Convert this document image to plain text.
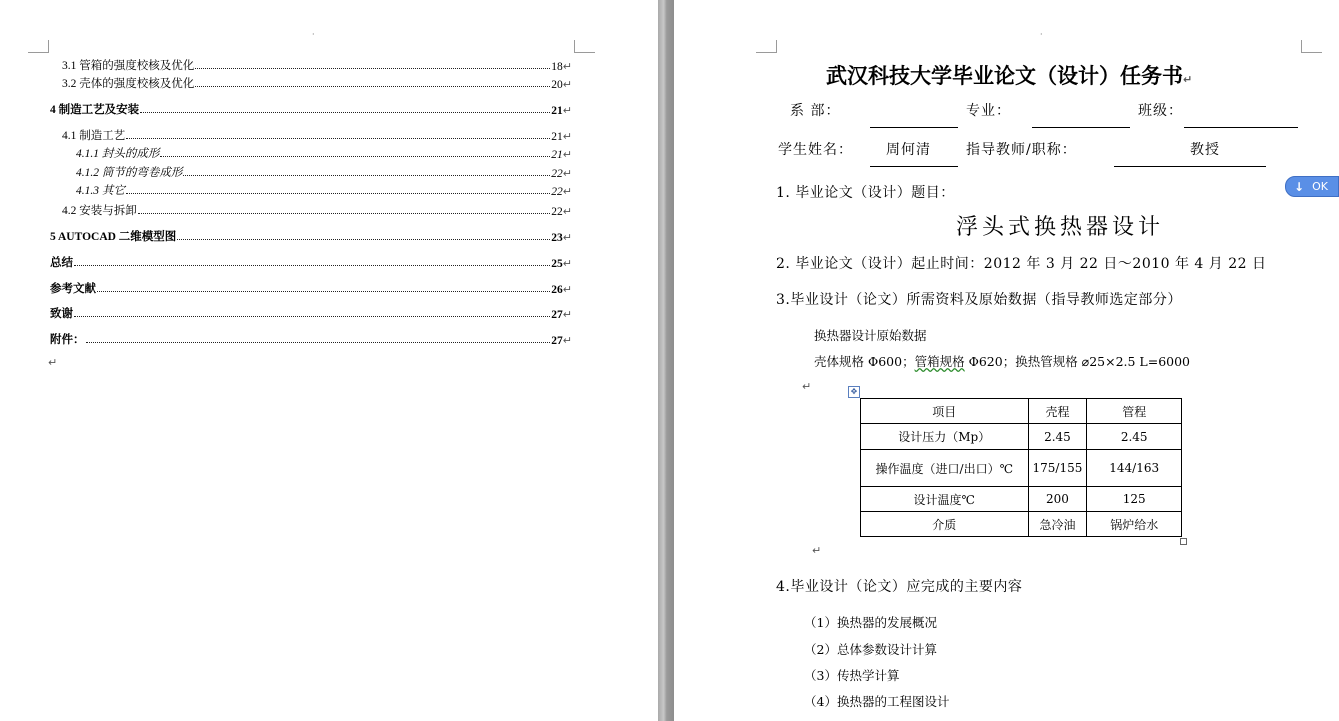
·
3.1 管箱的强度校核及优化	18 ↵
3.2 壳体的强度校核及优化	20 ↵
4 制造工艺及安装	21 ↵
4.1 制造工艺	21 ↵
4.1.1 封头的成形	21 ↵
4.1.2 筒节的弯卷成形	22 ↵
4.1.3 其它	22 ↵
4.2 安装与拆卸	22 ↵
5 AUTOCAD 二维模型图	23 ↵
总结	25 ↵
参考文献	26 ↵
致谢	27 ↵
附件：	27 ↵
↵
·
武汉科技大学毕业论文（设计）任务书↵
系 部：	专业：	班级：
学生姓名： 周何清	指导教师/职称：	教授
1. 毕业论文（设计）题目：
浮头式换热器设计
2. 毕业论文（设计）起止时间：2012 年 3 月 22 日～2010 年 4 月 22 日
3.毕业设计（论文）所需资料及原始数据（指导教师选定部分）
换热器设计原始数据
壳体规格 Φ600；管箱规格 Φ620；换热管规格 ⌀25×2.5 L=6000
↵	✥
项目	壳程	管程
设计压力（Mp）	2.45	2.45
操作温度（进口/出口）℃	175/155	144/163
设计温度℃	200	125
介质	急冷油	锅炉给水
↵
4.毕业设计（论文）应完成的主要内容
（1）换热器的发展概况
（2）总体参数设计计算
（3）传热学计算
（4）换热器的工程图设计
↓ OK
